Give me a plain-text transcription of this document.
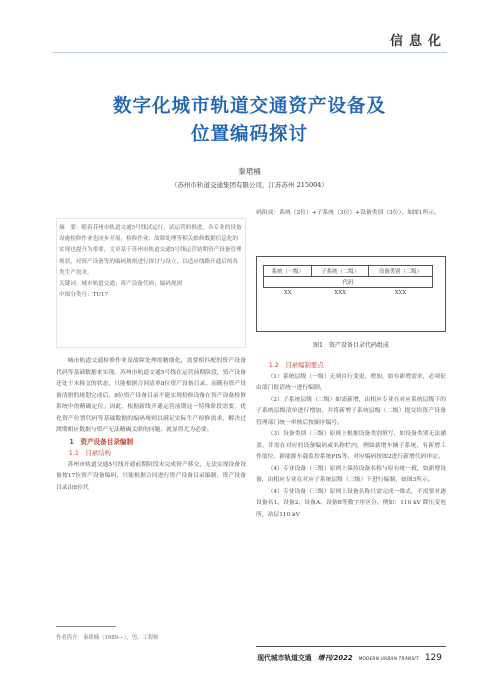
信息化
数字化城市轨道交通资产设备及
位置编码探讨
秦珺楠
（苏州市轨道交通集团有限公司，江苏苏州 215004）

摘　要：随着苏州市轨道交通5号线试运行，试运营的推进，各专业的设备设施检修作业也同步开展，检修作业、故障处理等相关维修数据信息化的实现也提升为重要，文章基于苏州市轨道交通5号线运营初期资产设备管理现状，对资产设备等的编码规则进行探讨与设立，以适应线路开通后的各类生产需求。

关键词：城市轨道交通；资产设备代码；编码规则

中图分类号：TU17

城市轨道交通检修作业及故障处理的精细化，需要相匹配的资产设备代码等基础数据来实现。苏州市轨道交通5号线在运营前期阶段，资产设备还处于未移交的状态，只能根据合同清单8位资产设备目录，而随有资产设备清册的规划完成后，8位资产设备目录不能实现检修设备在资产设备检修系统中的精确定位。因此，根据新线开通运营前期这一特殊阶段需要，优化资产位置代码等基础数据的编码规则以满足实际生产检修需求，解决过渡期相应数据与资产无法精确关联的问题，就显得尤为必要。

1　资产设备目录编制

1.1　目录结构

苏州市轨道交通5号线开通前期阶段未完成资产移交，无法实现设备设备按17位资产设备编码，只能根据合同进行资产设备目录编制，资产设备目录由8位代

码组成：系统（2位）+子系统（3位）+设备类别（3位），如图1所示。

系统（一级）	子系统（二级）	设备类别（三级）
代码		
XX	XXX	XXX
图1　资产设备目录代码组成

1.2　目录编制要点

（1）系统层级（一级）无须自行变更、增加，如有新增需求，必须征由部门报请统一进行编制。

（2）子系统层级（二级）如需新增，由相应专业在对应系统层级下的子系统层级清单进行增加，并将新增子系统层级（二级）提交给资产设备管理部门统一审核后按顺序编号。

（3）设备类别（三级）原则上根据设备类别填写，如设备类别无法涵盖，并需在对应的设备编码或名称栏内，例如新增车辆子系统，有新增工作部位、新能源车载监控系统PIS等，对应编码按图2进行新增代码审定。

（4）专业设备（三级）原则上保持设备名称与原有统一致，如新增设备，由相应专业在对应子系统层级（三级）下进行编制，如图3所示。

（4）专业设备（三级）原则上设备名称只需完成一维式，不需要对逐设备名1、设备2、设备A、设备B等数字序区分。例如：110 kV 降压变电所，站层110 kV

作者简介：秦珺楠（1989—），男，工程师
现代城市轨道交通 增刊/2022 MODERN URBAN TRANSIT 129
